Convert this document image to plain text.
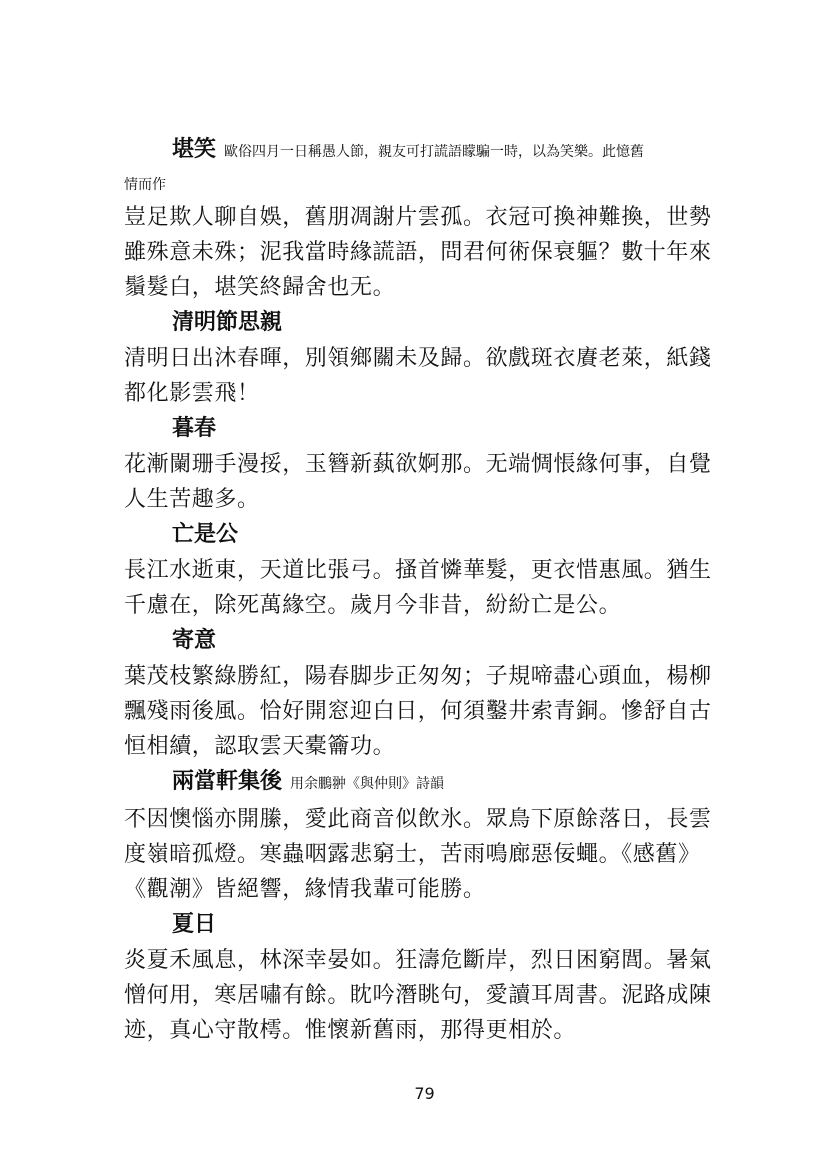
堪笑 歐俗四月一日稱愚人節，親友可打謊語矇騙一時，以為笑樂。此憶舊

情而作

豈足欺人聊自娛，舊朋凋謝片雲孤。衣冠可換神難換，世勢雖殊意未殊；泥我當時緣謊語，問君何術保衰軀？數十年來鬚髮白，堪笑終歸舍也无。

清明節思親

清明日出沐春暉，別領鄉關未及歸。欲戲斑衣賡老萊，紙錢都化影雲飛！

暮春

花漸闌珊手漫挼，玉簪新蓺欲婀那。无端惆悵緣何事，自覺人生苦趣多。

亡是公

長江水逝東，天道比張弓。搔首憐華髮，更衣惜惠風。猶生千慮在，除死萬緣空。歲月今非昔，紛紛亡是公。

寄意

葉茂枝繁綠勝紅，陽春脚步正匆匆；子規啼盡心頭血，楊柳飄殘雨後風。恰好開窓迎白日，何須鑿井索青銅。慘舒自古恒相續，認取雲天橐籥功。

兩當軒集後 用余鵬翀《與仲則》詩韻

不因懊惱亦開縢，愛此商音似飲氷。眾鳥下原餘落日，長雲度嶺暗孤燈。寒蟲咽露悲窮士，苦雨鳴廊惡佞蠅。《感舊》《觀潮》皆絕響，緣情我輩可能勝。

夏日

炎夏禾風息，林深幸晏如。狂濤危斷岸，烈日困窮閭。暑氣憎何用，寒居嘯有餘。眈吟潛眺句，愛讀耳周書。泥路成陳迹，真心守散樗。惟懷新舊雨，那得更相於。

79
